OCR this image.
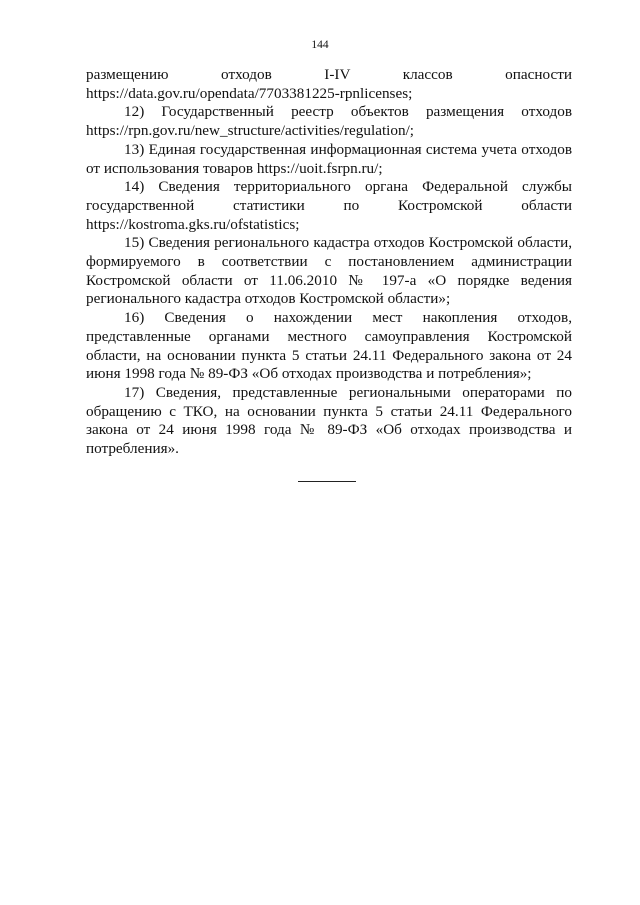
144

размещению отходов I-IV классов опасности https://data.gov.ru/opendata/7703381225-rpnlicenses;

12) Государственный реестр объектов размещения отходов https://rpn.gov.ru/new_structure/activities/regulation/;

13) Единая государственная информационная система учета отходов от использования товаров https://uoit.fsrpn.ru/;

14) Сведения территориального органа Федеральной службы государственной статистики по Костромской области https://kostroma.gks.ru/ofstatistics;

15) Сведения регионального кадастра отходов Костромской области, формируемого в соответствии с постановлением администрации Костромской области от 11.06.2010 № 197-а «О порядке ведения регионального кадастра отходов Костромской области»;

16) Сведения о нахождении мест накопления отходов, представленные органами местного самоуправления Костромской области, на основании пункта 5 статьи 24.11 Федерального закона от 24 июня 1998 года № 89-ФЗ «Об отходах производства и потребления»;

17) Сведения, представленные региональными операторами по обращению с ТКО, на основании пункта 5 статьи 24.11 Федерального закона от 24 июня 1998 года № 89-ФЗ «Об отходах производства и потребления».
